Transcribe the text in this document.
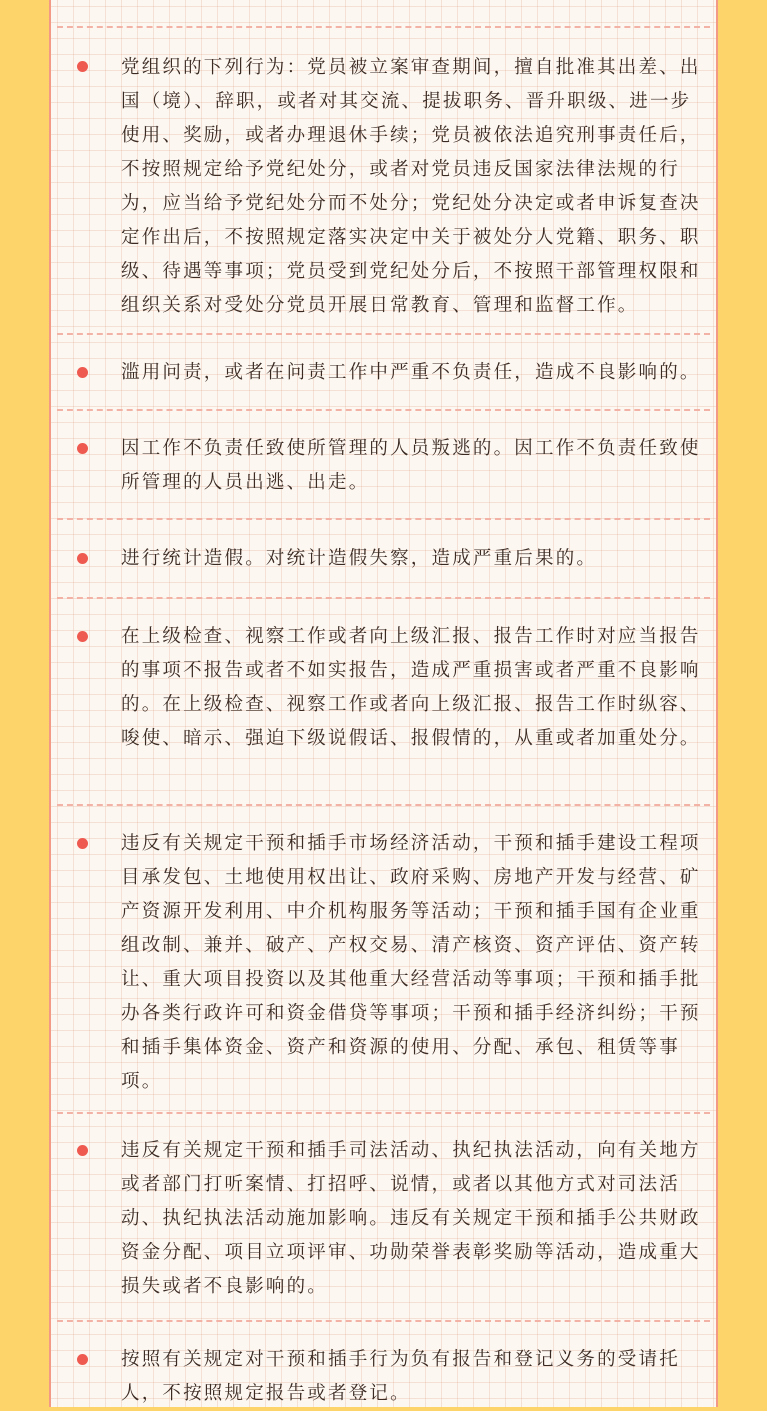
党组织的下列行为：党员被立案审查期间，擅自批准其出差、出国（境）、辞职，或者对其交流、提拔职务、晋升职级、进一步使用、奖励，或者办理退休手续；党员被依法追究刑事责任后，不按照规定给予党纪处分，或者对党员违反国家法律法规的行为，应当给予党纪处分而不处分；党纪处分决定或者申诉复查决定作出后，不按照规定落实决定中关于被处分人党籍、职务、职级、待遇等事项；党员受到党纪处分后，不按照干部管理权限和组织关系对受处分党员开展日常教育、管理和监督工作。

滥用问责，或者在问责工作中严重不负责任，造成不良影响的。

因工作不负责任致使所管理的人员叛逃的。因工作不负责任致使所管理的人员出逃、出走。

进行统计造假。对统计造假失察，造成严重后果的。

在上级检查、视察工作或者向上级汇报、报告工作时对应当报告的事项不报告或者不如实报告，造成严重损害或者严重不良影响的。在上级检查、视察工作或者向上级汇报、报告工作时纵容、唆使、暗示、强迫下级说假话、报假情的，从重或者加重处分。

违反有关规定干预和插手市场经济活动，干预和插手建设工程项目承发包、土地使用权出让、政府采购、房地产开发与经营、矿产资源开发利用、中介机构服务等活动；干预和插手国有企业重组改制、兼并、破产、产权交易、清产核资、资产评估、资产转让、重大项目投资以及其他重大经营活动等事项；干预和插手批办各类行政许可和资金借贷等事项；干预和插手经济纠纷；干预和插手集体资金、资产和资源的使用、分配、承包、租赁等事项。

违反有关规定干预和插手司法活动、执纪执法活动，向有关地方或者部门打听案情、打招呼、说情，或者以其他方式对司法活动、执纪执法活动施加影响。违反有关规定干预和插手公共财政资金分配、项目立项评审、功勋荣誉表彰奖励等活动，造成重大损失或者不良影响的。

按照有关规定对干预和插手行为负有报告和登记义务的受请托人，不按照规定报告或者登记。
